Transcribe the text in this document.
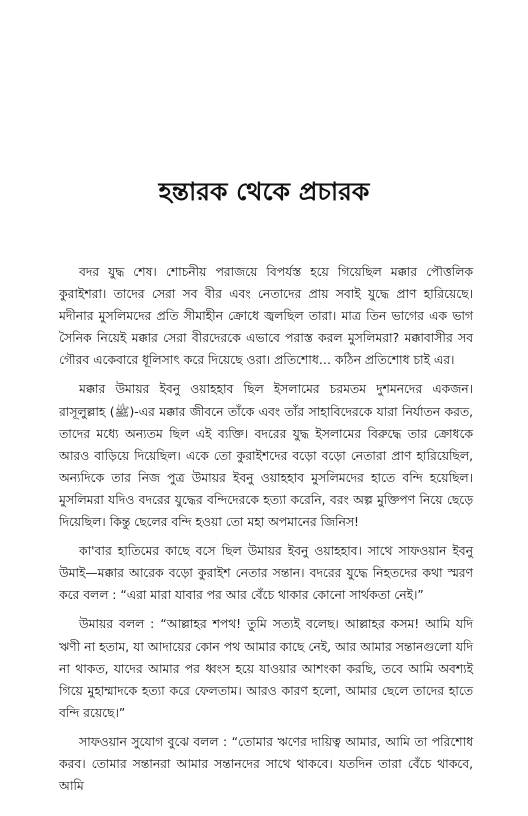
হন্তারক থেকে প্রচারক

বদর যুদ্ধ শেষ। শোচনীয় পরাজয়ে বিপর্যস্ত হয়ে গিয়েছিল মক্কার পৌত্তলিক কুরাইশরা। তাদের সেরা সব বীর এবং নেতাদের প্রায় সবাই যুদ্ধে প্রাণ হারিয়েছে। মদীনার মুসলিমদের প্রতি সীমাহীন ক্রোধে জ্বলছিল তারা। মাত্র তিন ভাগের এক ভাগ সৈনিক নিয়েই মক্কার সেরা বীরদেরকে এভাবে পরাস্ত করল মুসলিমরা? মক্কাবাসীর সব গৌরব একেবারে ধূলিসাৎ করে দিয়েছে ওরা। প্রতিশোধ… কঠিন প্রতিশোধ চাই এর।

মক্কার উমায়র ইবনু ওয়াহহাব ছিল ইসলামের চরমতম দুশমনদের একজন। রাসূলুল্লাহ (ﷺ)-এর মক্কার জীবনে তাঁকে এবং তাঁর সাহাবিদেরকে যারা নির্যাতন করত, তাদের মধ্যে অন্যতম ছিল এই ব্যক্তি। বদরের যুদ্ধ ইসলামের বিরুদ্ধে তার ক্রোধকে আরও বাড়িয়ে দিয়েছিল। একে তো কুরাইশদের বড়ো বড়ো নেতারা প্রাণ হারিয়েছিল, অন্যদিকে তার নিজ পুত্র উমায়র ইবনু ওয়াহহাব মুসলিমদের হাতে বন্দি হয়েছিল। মুসলিমরা যদিও বদরের যুদ্ধের বন্দিদেরকে হত্যা করেনি, বরং অল্প মুক্তিপণ নিয়ে ছেড়ে দিয়েছিল। কিন্তু ছেলের বন্দি হওয়া তো মহা অপমানের জিনিস!

কা'বার হাতিমের কাছে বসে ছিল উমায়র ইবনু ওয়াহহাব। সাথে সাফওয়ান ইবনু উমাই—মক্কার আরেক বড়ো কুরাইশ নেতার সন্তান। বদরের যুদ্ধে নিহতদের কথা স্মরণ করে বলল : “এরা মারা যাবার পর আর বেঁচে থাকার কোনো সার্থকতা নেই।”

উমায়র বলল : “আল্লাহর শপথ! তুমি সত্যই বলেছ। আল্লাহর কসম! আমি যদি ঋণী না হতাম, যা আদায়ের কোন পথ আমার কাছে নেই, আর আমার সন্তানগুলো যদি না থাকত, যাদের আমার পর ধ্বংস হয়ে যাওয়ার আশংকা করছি, তবে আমি অবশ্যই গিয়ে মুহাম্মাদকে হত্যা করে ফেলতাম। আরও কারণ হলো, আমার ছেলে তাদের হাতে বন্দি রয়েছে।”

সাফওয়ান সুযোগ বুঝে বলল : “তোমার ঋণের দায়িত্ব আমার, আমি তা পরিশোধ করব। তোমার সন্তানরা আমার সন্তানদের সাথে থাকবে। যতদিন তারা বেঁচে থাকবে, আমি
